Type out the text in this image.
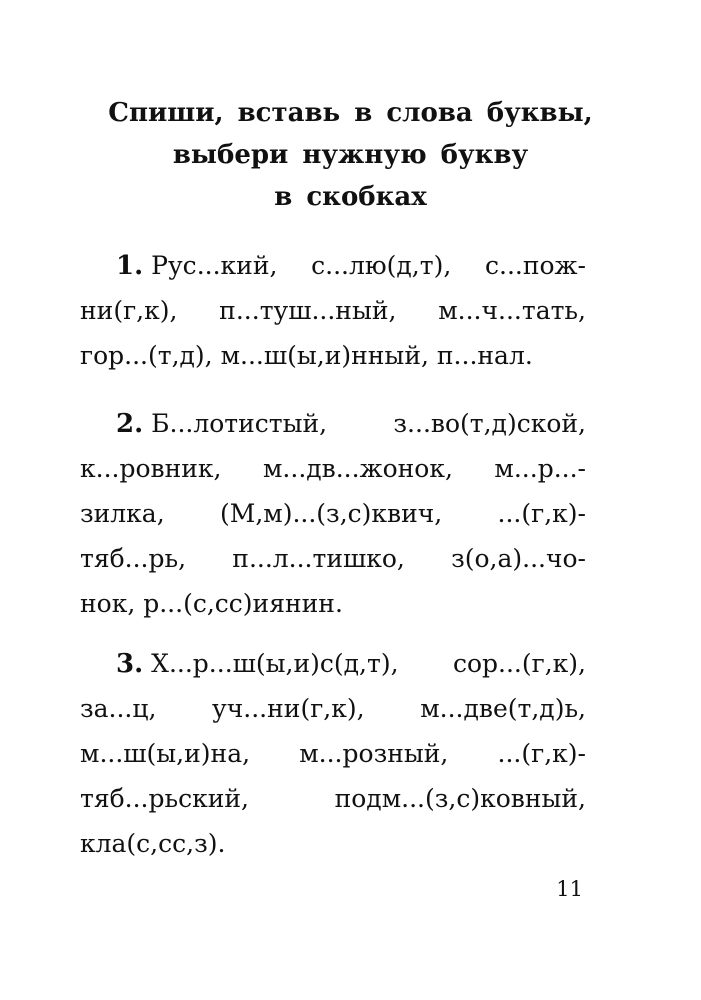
Спиши, вставь в слова буквы,
выбери нужную букву
в скобках
1. Рус...кий, с...лю(д,т), с...пож-
ни(г,к), п...туш...ный, м...ч...тать,
гор...(т,д), м...ш(ы,и)нный, п...нал.
2. Б...лотистый, з...во(т,д)ской,
к...ровник, м...дв...жонок, м...р...-
зилка, (М,м)...(з,с)квич, ...(г,к)-
тяб...рь, п...л...тишко, з(о,а)...чо-
нок, р...(с,сс)иянин.
3. Х...р...ш(ы,и)с(д,т), сор...(г,к),
за...ц, уч...ни(г,к), м...две(т,д)ь,
м...ш(ы,и)на, м...розный, ...(г,к)-
тяб...рьский, подм...(з,с)ковный,
кла(с,сс,з).
11
